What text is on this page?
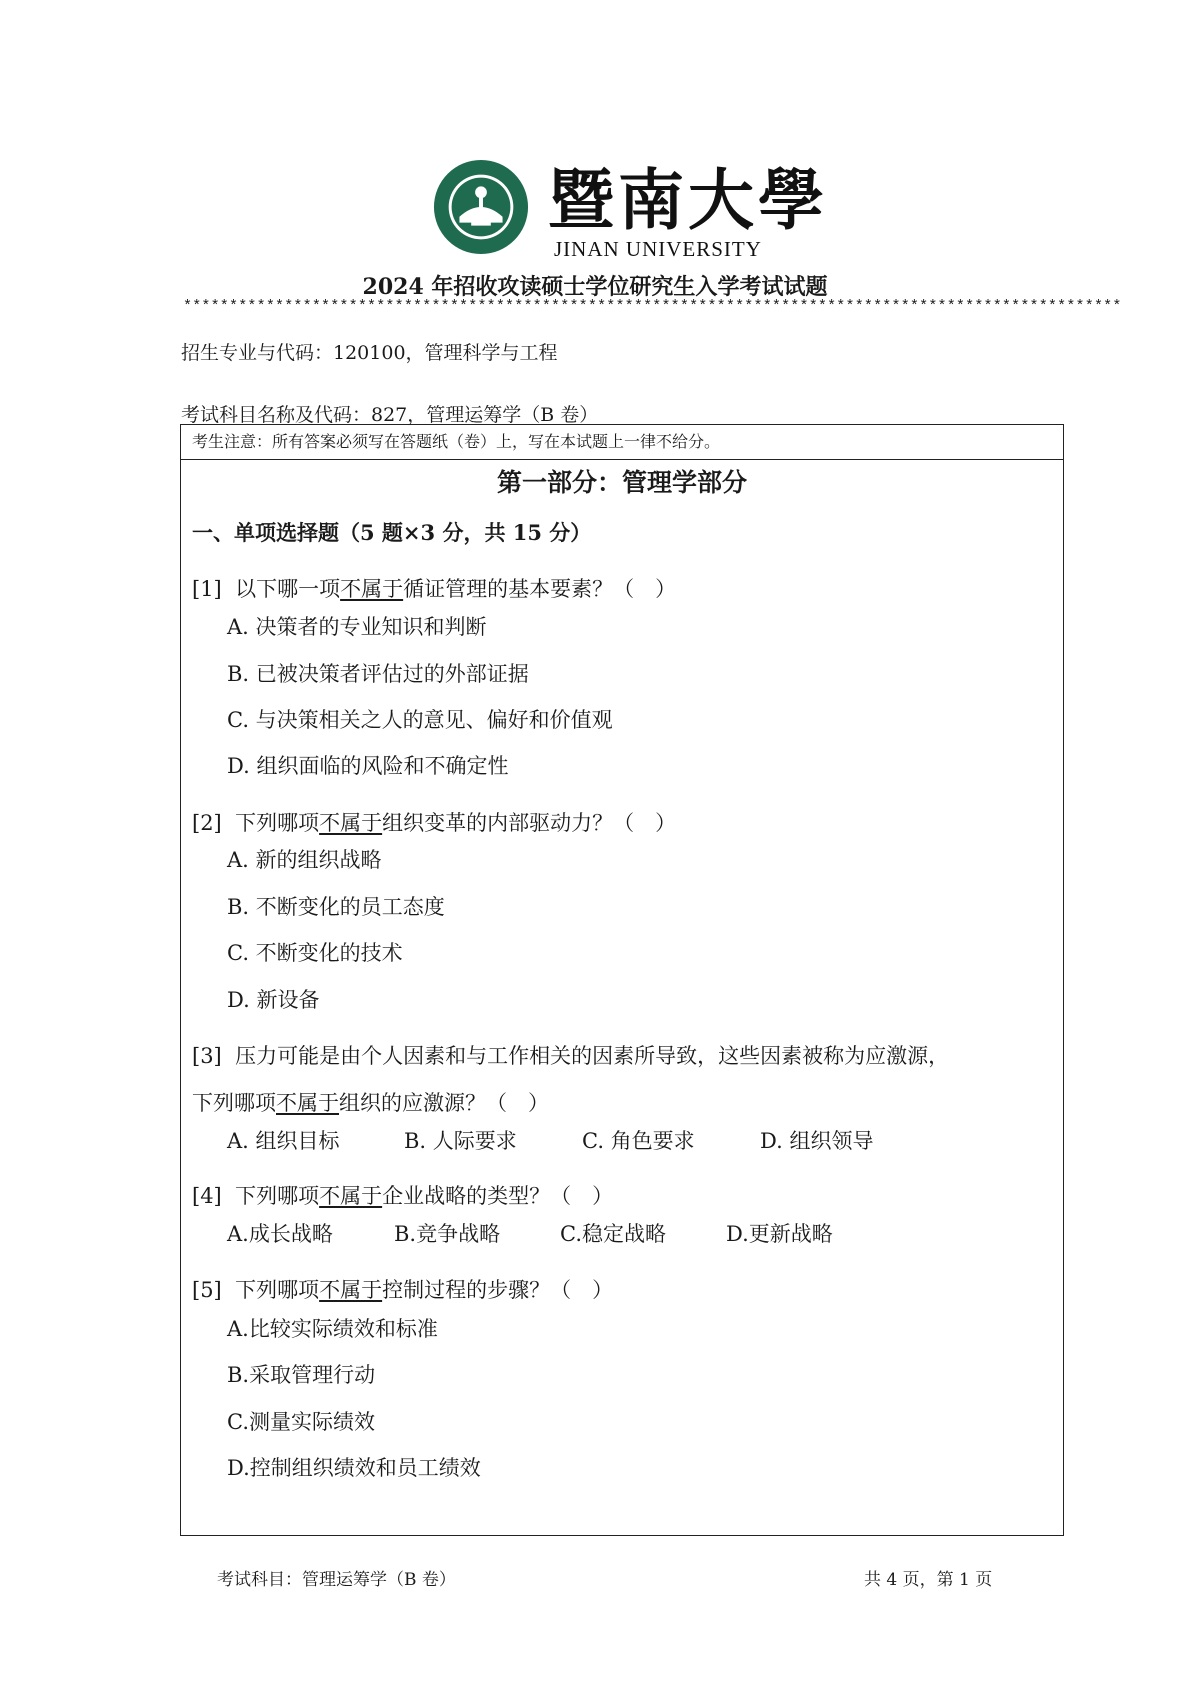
暨南大學
JINAN UNIVERSITY
2024 年招收攻读硕士学位研究生入学考试试题
******************************************************************************************************
招生专业与代码：120100，管理科学与工程
考试科目名称及代码：827，管理运筹学（B 卷）
考生注意：所有答案必须写在答题纸（卷）上，写在本试题上一律不给分。
第一部分：管理学部分
一、单项选择题（5 题×3 分，共 15 分）
[1] 以下哪一项不属于循证管理的基本要素？（　）
A. 决策者的专业知识和判断
B. 已被决策者评估过的外部证据
C. 与决策相关之人的意见、偏好和价值观
D. 组织面临的风险和不确定性
[2] 下列哪项不属于组织变革的内部驱动力？（　）
A. 新的组织战略
B. 不断变化的员工态度
C. 不断变化的技术
D. 新设备
[3] 压力可能是由个人因素和与工作相关的因素所导致，这些因素被称为应激源，
下列哪项不属于组织的应激源？（　）
A. 组织目标	B. 人际要求	C. 角色要求	D. 组织领导
[4] 下列哪项不属于企业战略的类型？（　）
A.成长战略	B.竞争战略	C.稳定战略	D.更新战略
[5] 下列哪项不属于控制过程的步骤？（　）
A.比较实际绩效和标准
B.采取管理行动
C.测量实际绩效
D.控制组织绩效和员工绩效
考试科目：管理运筹学（B 卷）	共 4 页，第 1 页
